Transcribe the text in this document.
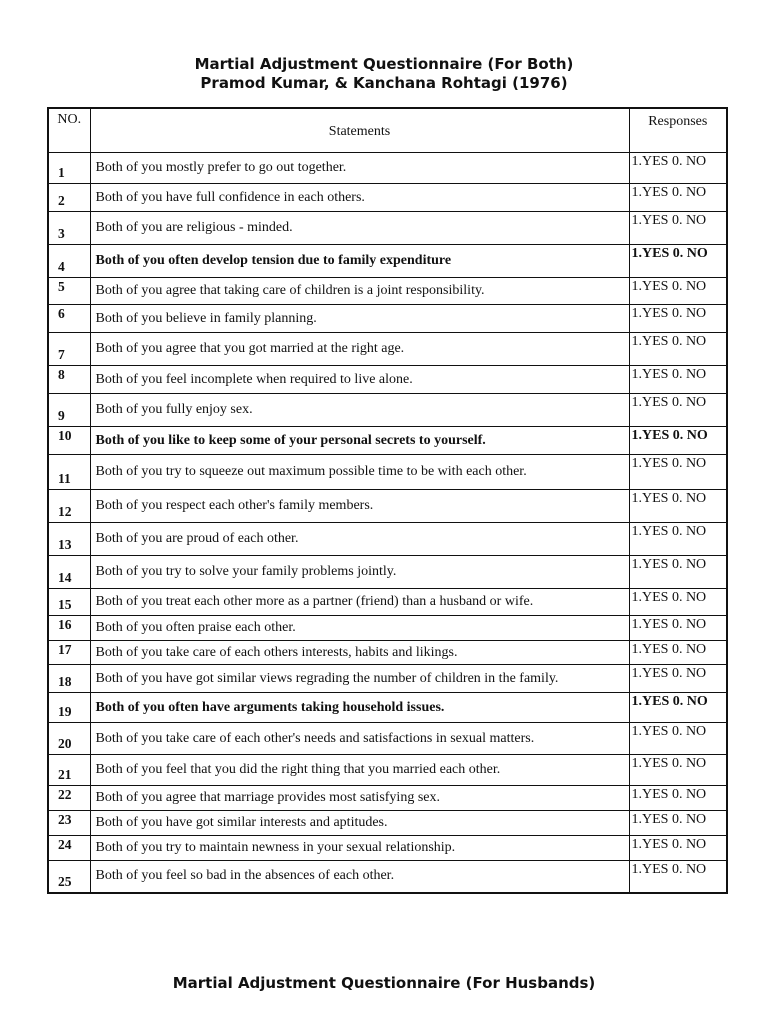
Martial Adjustment Questionnaire (For Both)
Pramod Kumar, & Kanchana Rohtagi (1976)
NO.	Statements	Responses
1	Both of you mostly prefer to go out together.	1.YES 0. NO
2	Both of you have full confidence in each others.	1.YES 0. NO
3	Both of you are religious - minded.	1.YES 0. NO
4	Both of you often develop tension due to family expenditure	1.YES 0. NO
5	Both of you agree that taking care of children is a joint responsibility.	1.YES 0. NO
6	Both of you believe in family planning.	1.YES 0. NO
7	Both of you agree that you got married at the right age.	1.YES 0. NO
8	Both of you feel incomplete when required to live alone.	1.YES 0. NO
9	Both of you fully enjoy sex.	1.YES 0. NO
10	Both of you like to keep some of your personal secrets to yourself.	1.YES 0. NO
11	Both of you try to squeeze out maximum possible time to be with each other.	1.YES 0. NO
12	Both of you respect each other's family members.	1.YES 0. NO
13	Both of you are proud of each other.	1.YES 0. NO
14	Both of you try to solve your family problems jointly.	1.YES 0. NO
15	Both of you treat each other more as a partner (friend) than a husband or wife.	1.YES 0. NO
16	Both of you often praise each other.	1.YES 0. NO
17	Both of you take care of each others interests, habits and likings.	1.YES 0. NO
18	Both of you have got similar views regrading the number of children in the family.	1.YES 0. NO
19	Both of you often have arguments taking household issues.	1.YES 0. NO
20	Both of you take care of each other's needs and satisfactions in sexual matters.	1.YES 0. NO
21	Both of you feel that you did the right thing that you married each other.	1.YES 0. NO
22	Both of you agree that marriage provides most satisfying sex.	1.YES 0. NO
23	Both of you have got similar interests and aptitudes.	1.YES 0. NO
24	Both of you try to maintain newness in your sexual relationship.	1.YES 0. NO
25	Both of you feel so bad in the absences of each other.	1.YES 0. NO
Martial Adjustment Questionnaire (For Husbands)
